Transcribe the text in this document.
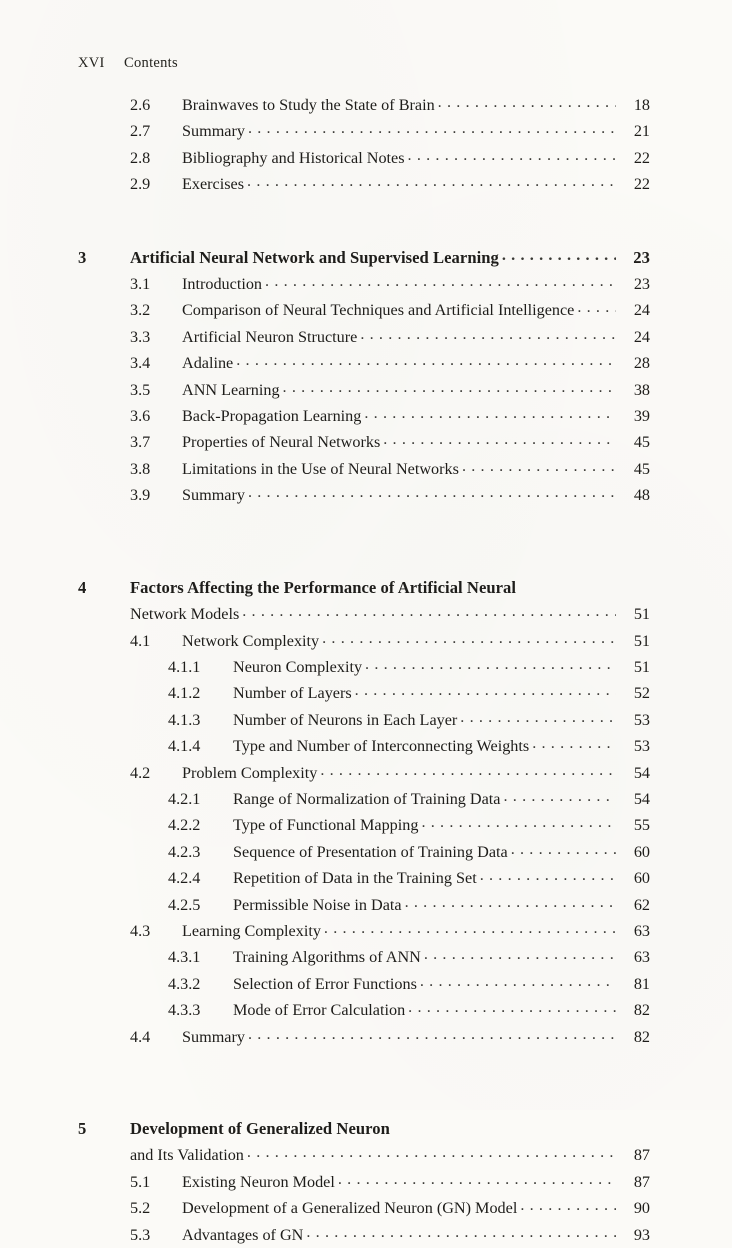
XVI Contents
2.6	Brainwaves to Study the State of Brain . . .	18
2.7	Summary . . .	21
2.8	Bibliography and Historical Notes . . .	22
2.9	Exercises . . .	22
3	Artificial Neural Network and Supervised Learning . . .	23
3.1	Introduction . . .	23
3.2	Comparison of Neural Techniques and Artificial Intelligence . . .	24
3.3	Artificial Neuron Structure . . .	24
3.4	Adaline . . .	28
3.5	ANN Learning . . .	38
3.6	Back-Propagation Learning . . .	39
3.7	Properties of Neural Networks . . .	45
3.8	Limitations in the Use of Neural Networks . . .	45
3.9	Summary . . .	48
4	Factors Affecting the Performance of Artificial Neural
Network Models . . .	51
4.1	Network Complexity . . .	51
4.1.1	Neuron Complexity . . .	51
4.1.2	Number of Layers . . .	52
4.1.3	Number of Neurons in Each Layer . . .	53
4.1.4	Type and Number of Interconnecting Weights . . .	53
4.2	Problem Complexity . . .	54
4.2.1	Range of Normalization of Training Data . . .	54
4.2.2	Type of Functional Mapping . . .	55
4.2.3	Sequence of Presentation of Training Data . . .	60
4.2.4	Repetition of Data in the Training Set . . .	60
4.2.5	Permissible Noise in Data . . .	62
4.3	Learning Complexity . . .	63
4.3.1	Training Algorithms of ANN . . .	63
4.3.2	Selection of Error Functions . . .	81
4.3.3	Mode of Error Calculation . . .	82
4.4	Summary . . .	82
5	Development of Generalized Neuron
and Its Validation . . .	87
5.1	Existing Neuron Model . . .	87
5.2	Development of a Generalized Neuron (GN) Model . . .	90
5.3	Advantages of GN . . .	93
